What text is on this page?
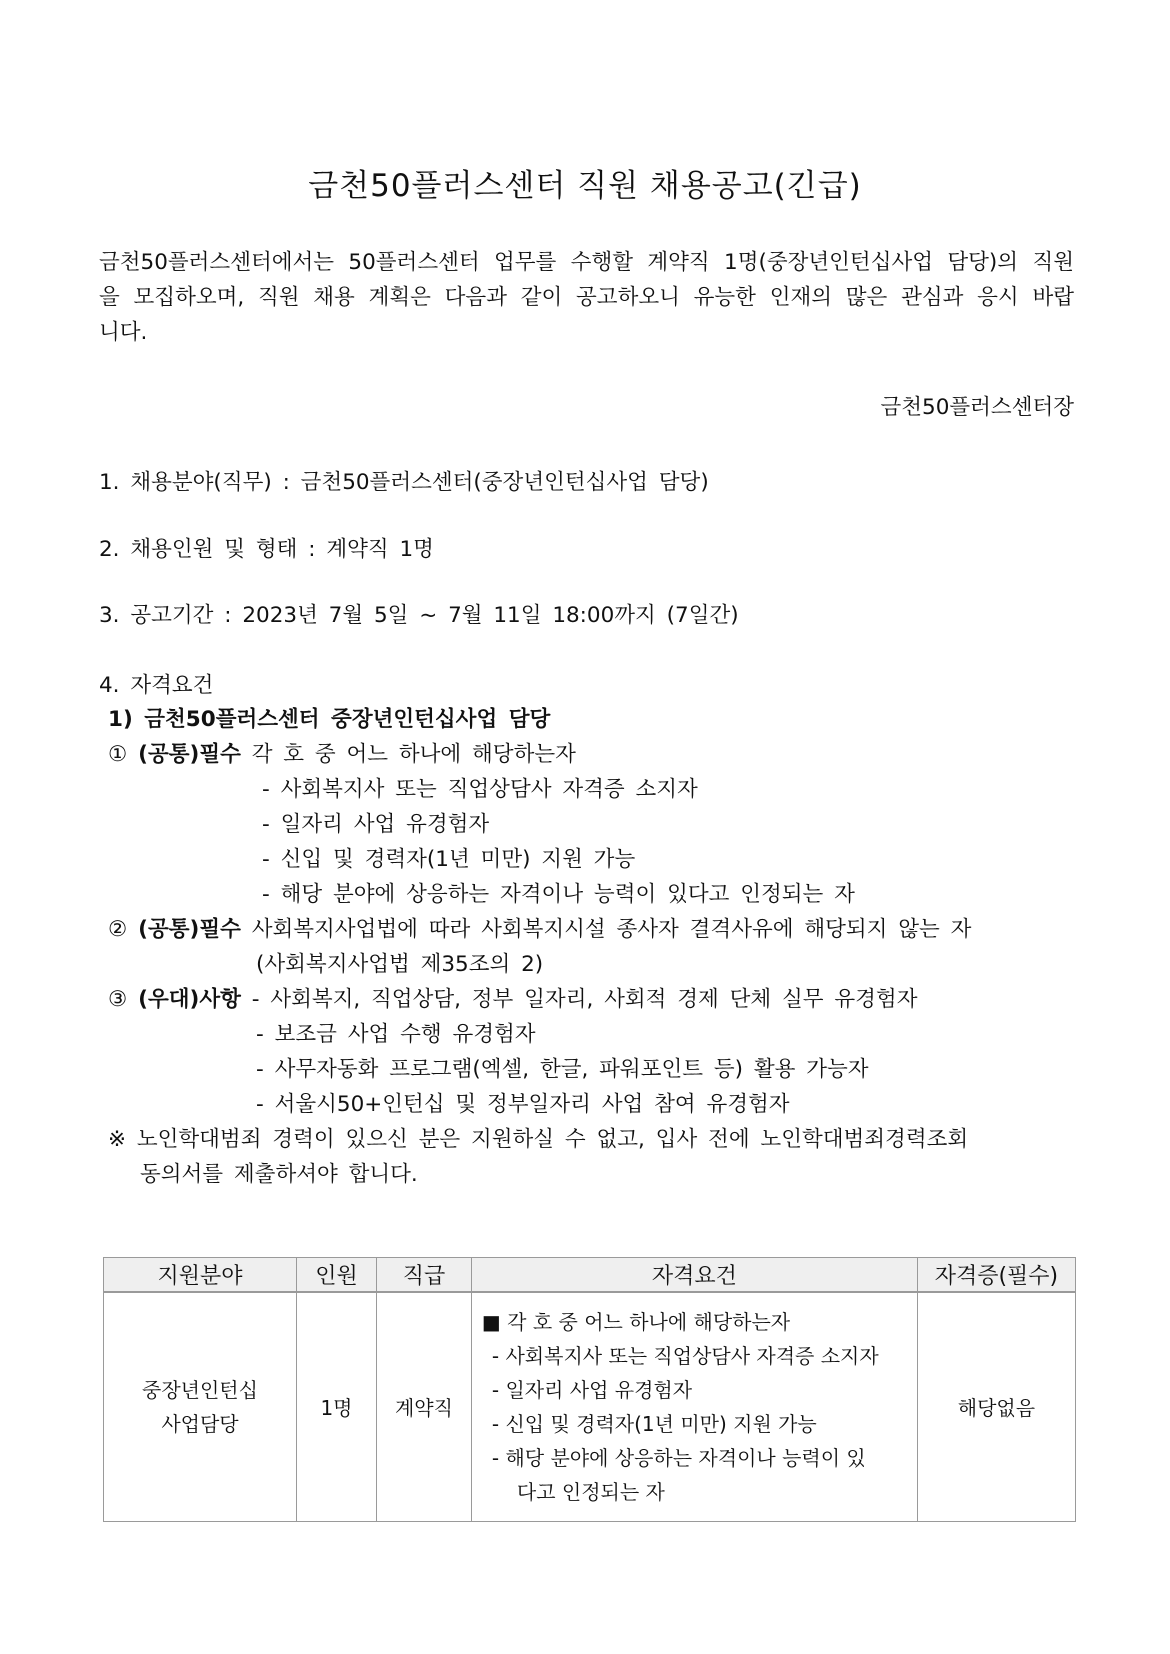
금천50플러스센터 직원 채용공고(긴급)
금천50플러스센터에서는 50플러스센터 업무를 수행할 계약직 1명(중장년인턴십사업 담당)의 직원을 모집하오며, 직원 채용 계획은 다음과 같이 공고하오니 유능한 인재의 많은 관심과 응시 바랍니다.
금천50플러스센터장
1. 채용분야(직무) : 금천50플러스센터(중장년인턴십사업 담당)
2. 채용인원 및 형태 : 계약직 1명
3. 공고기간 : 2023년 7월 5일 ~ 7월 11일 18:00까지 (7일간)
4. 자격요건
1) 금천50플러스센터 중장년인턴십사업 담당
① (공통)필수 각 호 중 어느 하나에 해당하는자
- 사회복지사 또는 직업상담사 자격증 소지자
- 일자리 사업 유경험자
- 신입 및 경력자(1년 미만) 지원 가능
- 해당 분야에 상응하는 자격이나 능력이 있다고 인정되는 자
② (공통)필수 사회복지사업법에 따라 사회복지시설 종사자 결격사유에 해당되지 않는 자
(사회복지사업법 제35조의 2)
③ (우대)사항 - 사회복지, 직업상담, 정부 일자리, 사회적 경제 단체 실무 유경험자
- 보조금 사업 수행 유경험자
- 사무자동화 프로그램(엑셀, 한글, 파워포인트 등) 활용 가능자
- 서울시50+인턴십 및 정부일자리 사업 참여 유경험자
※ 노인학대범죄 경력이 있으신 분은 지원하실 수 없고, 입사 전에 노인학대범죄경력조회
동의서를 제출하셔야 합니다.
지원분야	인원	직급	자격요건	자격증(필수)

중장년인턴십
사업담당
	1명	계약직	
■ 각 호 중 어느 하나에 해당하는자
- 사회복지사 또는 직업상담사 자격증 소지자
- 일자리 사업 유경험자
- 신입 및 경력자(1년 미만) 지원 가능
- 해당 분야에 상응하는 자격이나 능력이 있
다고 인정되는 자
	해당없음
